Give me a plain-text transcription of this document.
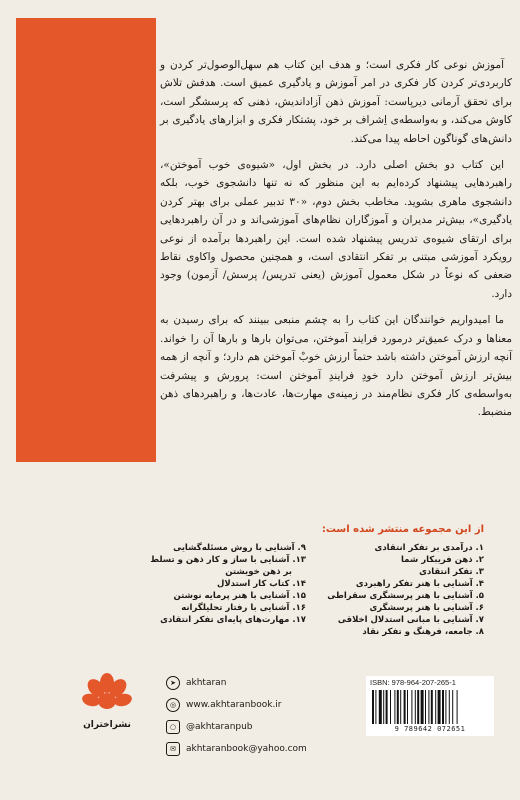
آموزش نوعی کار فکری است؛ و هدف این کتاب هم سهل‌الوصول‌تر کردن و کاربردی‌تر کردن کار فکری در امر آموزش و یادگیری عمیق است. هدفش تلاش برای تحقق آرمانی دیرپاست: آموزش ذهن آزاداندیش، ذهنی که پرسشگر است، کاوش می‌کند، و به‌واسطه‌ی اِشراف بر خود، پشتکار فکری و ابزارهای یادگیری بر دانش‌های گوناگون احاطه پیدا می‌کند.

این کتاب دو بخش اصلی دارد. در بخش اول، «شیوه‌ی خوب آموختن»، راهبردهایی پیشنهاد کرده‌ایم به این منظور که نه تنها دانشجوی خوب، بلکه دانشجوی ماهری بشوید. مخاطب بخش دوم، «۳۰ تدبیر عملی برای بهتر کردن یادگیری»، بیش‌تر مدیران و آموزگاران نظام‌های آموزشی‌اند و در آن راهبردهایی برای ارتقای شیوه‌ی تدریس پیشنهاد شده است. این راهبردها برآمده از نوعی رویکرد آموزشی مبتنی بر تفکر انتقادی است، و همچنین محصول واکاوی نقاط ضعفی که نوعاً در شکل معمول آموزش (یعنی تدریس/ پرسش/ آزمون) وجود دارد.

ما امیدواریم خوانندگان این کتاب را به چشم منبعی ببینند که برای رسیدن به معناها و درک عمیق‌تر درمورد فرایند آموختن، می‌توان بارها و بارها آن را خواند. آنچه ارزش آموختن داشته باشد حتماً ارزش خوبْ آموختن هم دارد؛ و آنچه از همه بیش‌تر ارزش آموختن دارد خودِ فرایندِ آموختن است: پرورش و پیشرفت به‌واسطه‌ی کار فکری نظام‌مند در زمینه‌ی مهارت‌ها، عادت‌ها، و راهبردهای ذهن منضبط.

از این مجموعه منتشر شده است:
۱. درآمدی بر تفکر انتقادی
۲. ذهن فریبکار شما
۳. تفکر انتقادی
۴. آشنایی با هنر تفکر راهبردی
۵. آشنایی با هنر پرسشگری سقراطی
۶. آشنایی با هنر پرسشگری
۷. آشنایی با مبانی استدلال اخلاقی
۸. جامعه، فرهنگ و تفکر نقاد
۹. آشنایی با روش مسئله‌گشایی
۱۳. آشنایی با ساز و کار ذهن و تسلط
بر ذهن خویشتن
۱۴. کتاب کار استدلال
۱۵. آشنایی با هنر پرمایه نوشتن
۱۶. آشنایی با رفتار تحلیلگرانه
۱۷. مهارت‌های پایه‌ای تفکر انتقادی
نشراختران
➤	akhtaran
◎	www.akhtaranbook.ir
○	@akhtaranpub
✉	akhtaranbook@yahoo.com
ISBN: 978-964-207-265-1
9 789642 072651
